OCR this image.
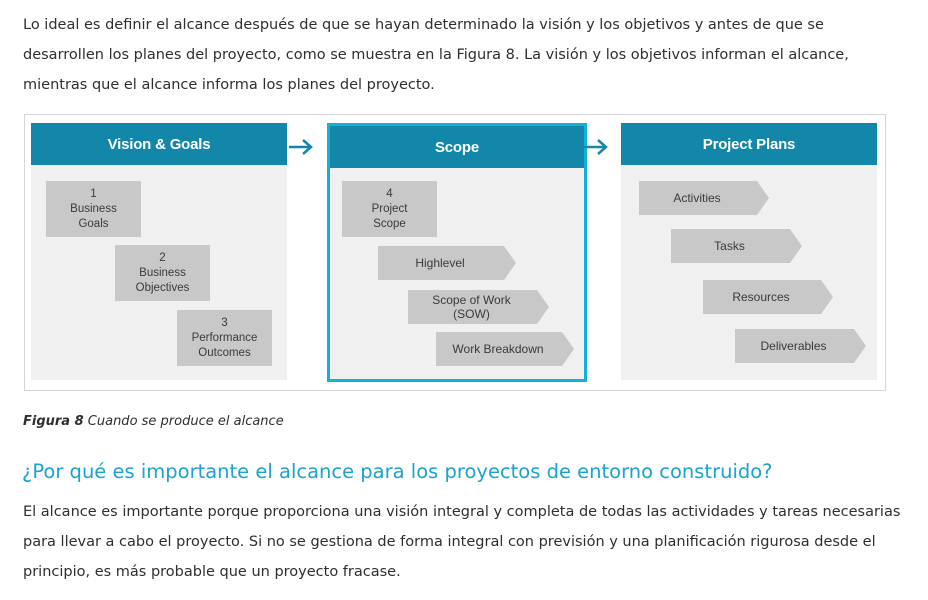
Lo ideal es definir el alcance después de que se hayan determinado la visión y los objetivos y antes de que se desarrollen los planes del proyecto, como se muestra en la Figura 8. La visión y los objetivos informan el alcance, mientras que el alcance informa los planes del proyecto.

Vision & Goals
1
Business
Goals
2
Business
Objectives
3
Performance
Outcomes
Scope
4
Project
Scope
Highlevel
Scope of Work
(SOW)
Work Breakdown
Project Plans
Activities
Tasks
Resources
Deliverables
Figura 8 Cuando se produce el alcance
¿Por qué es importante el alcance para los proyectos de entorno construido?

El alcance es importante porque proporciona una visión integral y completa de todas las actividades y tareas necesarias para llevar a cabo el proyecto. Si no se gestiona de forma integral con previsión y una planificación rigurosa desde el principio, es más probable que un proyecto fracase.
